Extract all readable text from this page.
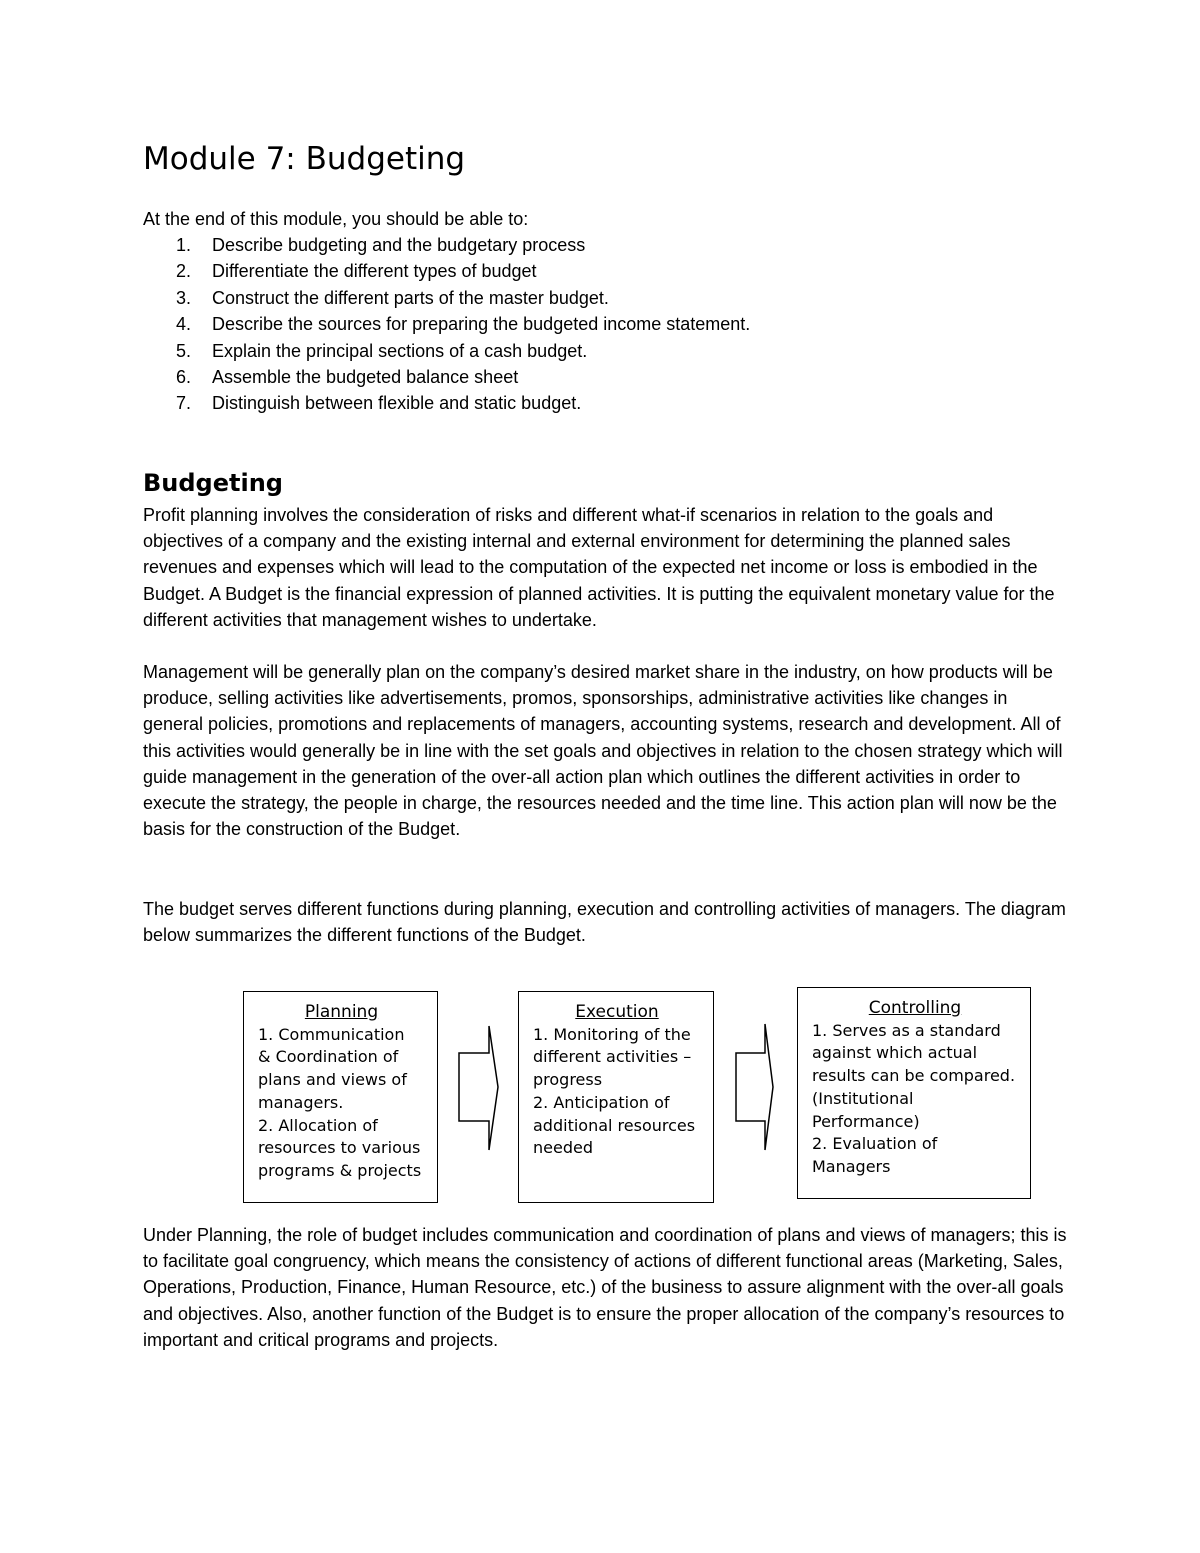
Module 7: Budgeting

At the end of this module, you should be able to:

1. Describe budgeting and the budgetary process
2. Differentiate the different types of budget
3. Construct the different parts of the master budget.
4. Describe the sources for preparing the budgeted income statement.
5. Explain the principal sections of a cash budget.
6. Assemble the budgeted balance sheet
7. Distinguish between flexible and static budget.
Budgeting

Profit planning involves the consideration of risks and different what-if scenarios in relation to the goals and objectives of a company and the existing internal and external environment for determining the planned sales revenues and expenses which will lead to the computation of the expected net income or loss is embodied in the Budget. A Budget is the financial expression of planned activities. It is putting the equivalent monetary value for the different activities that management wishes to undertake.

Management will be generally plan on the company’s desired market share in the industry, on how products will be produce, selling activities like advertisements, promos, sponsorships, administrative activities like changes in general policies, promotions and replacements of managers, accounting systems, research and development. All of this activities would generally be in line with the set goals and objectives in relation to the chosen strategy which will guide management in the generation of the over-all action plan which outlines the different activities in order to execute the strategy, the people in charge, the resources needed and the time line. This action plan will now be the basis for the construction of the Budget.

The budget serves different functions during planning, execution and controlling activities of managers. The diagram below summarizes the different functions of the Budget.

Planning
1. Communication
& Coordination of
plans and views of
managers.
2. Allocation of
resources to various
programs & projects
Execution
1. Monitoring of the
different activities –
progress
2. Anticipation of
additional resources
needed
Controlling
1. Serves as a standard
against which actual
results can be compared.
(Institutional
Performance)
2. Evaluation of
Managers

Under Planning, the role of budget includes communication and coordination of plans and views of managers; this is to facilitate goal congruency, which means the consistency of actions of different functional areas (Marketing, Sales, Operations, Production, Finance, Human Resource, etc.) of the business to assure alignment with the over-all goals and objectives. Also, another function of the Budget is to ensure the proper allocation of the company’s resources to important and critical programs and projects.
